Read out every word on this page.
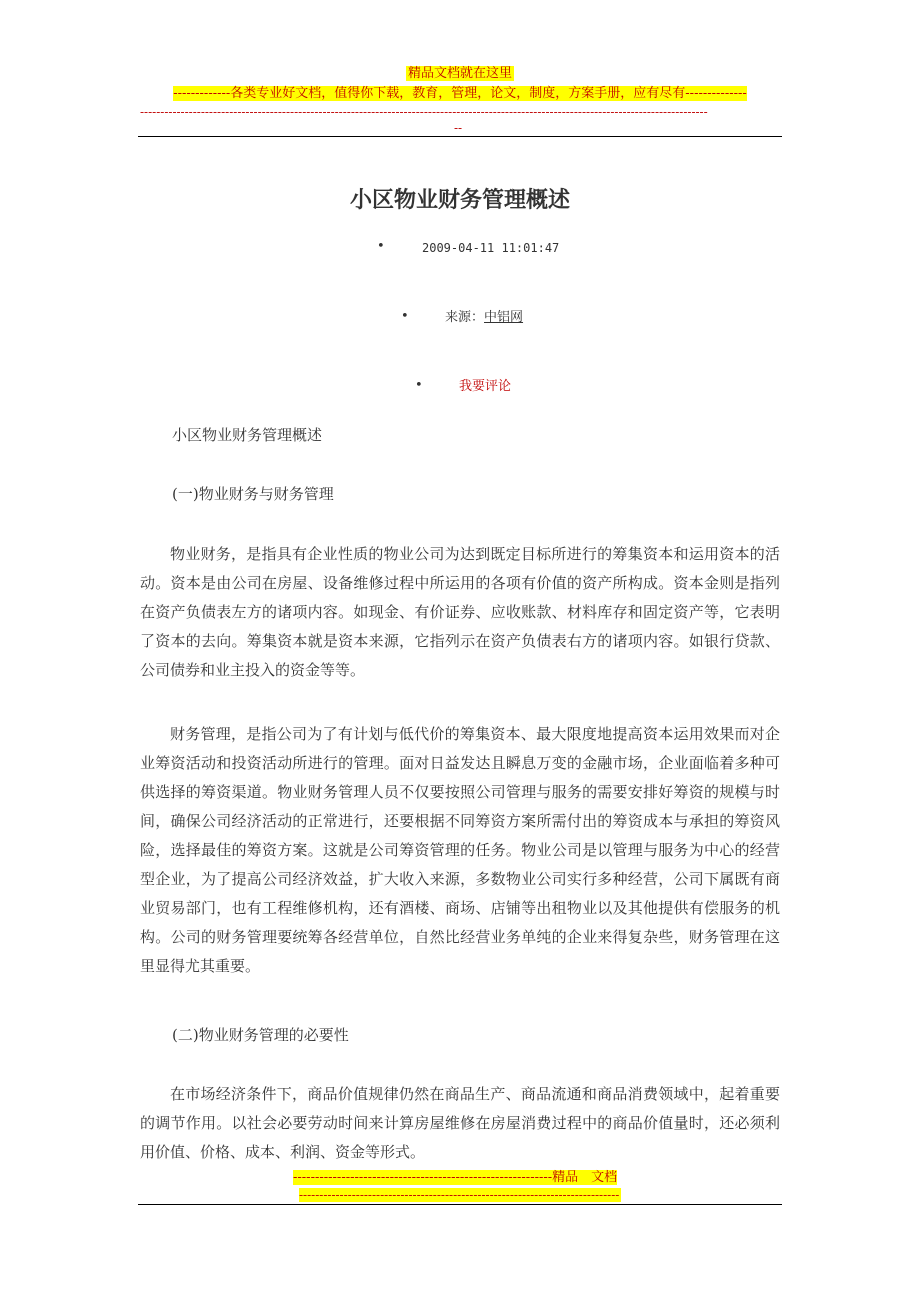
精品文档就在这里
-------------各类专业好文档，值得你下载，教育，管理，论文，制度，方案手册，应有尽有--------------
--------------------------------------------------------------------------------------------------------------------------------------------
--
小区物业财务管理概述
•	2009-04-11 11:01:47
•	来源：中铝网
•	我要评论
小区物业财务管理概述
(一)物业财务与财务管理

物业财务，是指具有企业性质的物业公司为达到既定目标所进行的筹集资本和运用资本的活动。资本是由公司在房屋、设备维修过程中所运用的各项有价值的资产所构成。资本金则是指列在资产负债表左方的诸项内容。如现金、有价证券、应收账款、材料库存和固定资产等，它表明了资本的去向。筹集资本就是资本来源，它指列示在资产负债表右方的诸项内容。如银行贷款、公司债券和业主投入的资金等等。

财务管理，是指公司为了有计划与低代价的筹集资本、最大限度地提高资本运用效果而对企业筹资活动和投资活动所进行的管理。面对日益发达且瞬息万变的金融市场，企业面临着多种可供选择的筹资渠道。物业财务管理人员不仅要按照公司管理与服务的需要安排好筹资的规模与时间，确保公司经济活动的正常进行，还要根据不同筹资方案所需付出的筹资成本与承担的筹资风险，选择最佳的筹资方案。这就是公司筹资管理的任务。物业公司是以管理与服务为中心的经营型企业，为了提高公司经济效益，扩大收入来源，多数物业公司实行多种经营，公司下属既有商业贸易部门，也有工程维修机构，还有酒楼、商场、店铺等出租物业以及其他提供有偿服务的机构。公司的财务管理要统筹各经营单位，自然比经营业务单纯的企业来得复杂些，财务管理在这里显得尤其重要。

(二)物业财务管理的必要性

在市场经济条件下，商品价值规律仍然在商品生产、商品流通和商品消费领域中，起着重要的调节作用。以社会必要劳动时间来计算房屋维修在房屋消费过程中的商品价值量时，还必须利用价值、价格、成本、利润、资金等形式。

-----------------------------------------------------------精品　文档
-------------------------------------------------------------------------------
